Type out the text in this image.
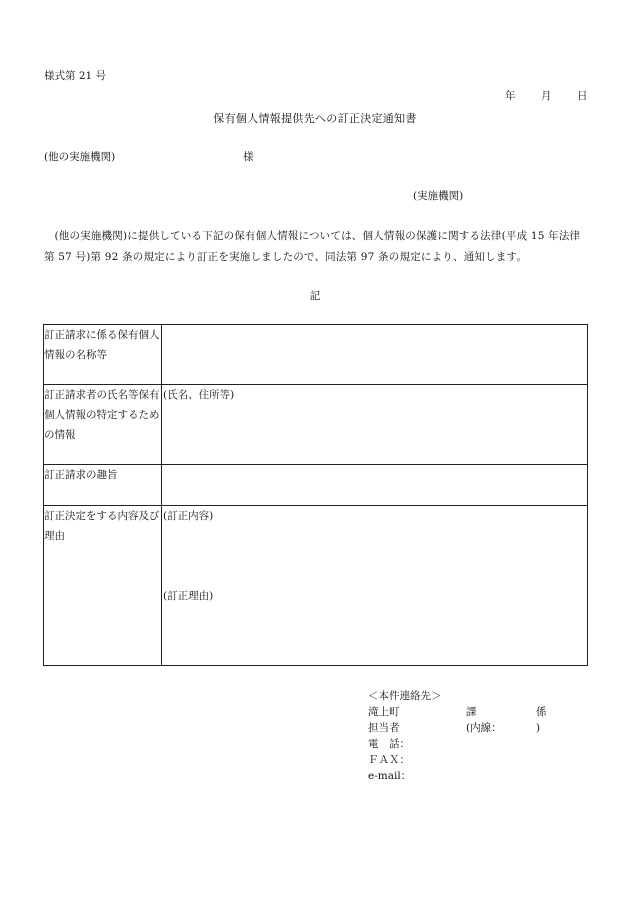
様式第 21 号
年 月 日
保有個人情報提供先への訂正決定通知書
(他の実施機関)	様
(実施機関)
(他の実施機関)に提供している下記の保有個人情報については、個人情報の保護に関する法律(平成 15 年法律第 57 号)第 92 条の規定により訂正を実施しましたので、同法第 97 条の規定により、通知します。
記
訂正請求に係る保有個人情報の名称等	
訂正請求者の氏名等保有個人情報の特定するための情報	(氏名、住所等)

訂正請求の趣旨	
訂正決定をする内容及び理由	(訂正内容)
(訂正理由)
＜本件連絡先＞
滝上町	課	係
担当者	(内線：	)
電　話：
ＦＡＸ：
e-mail：
